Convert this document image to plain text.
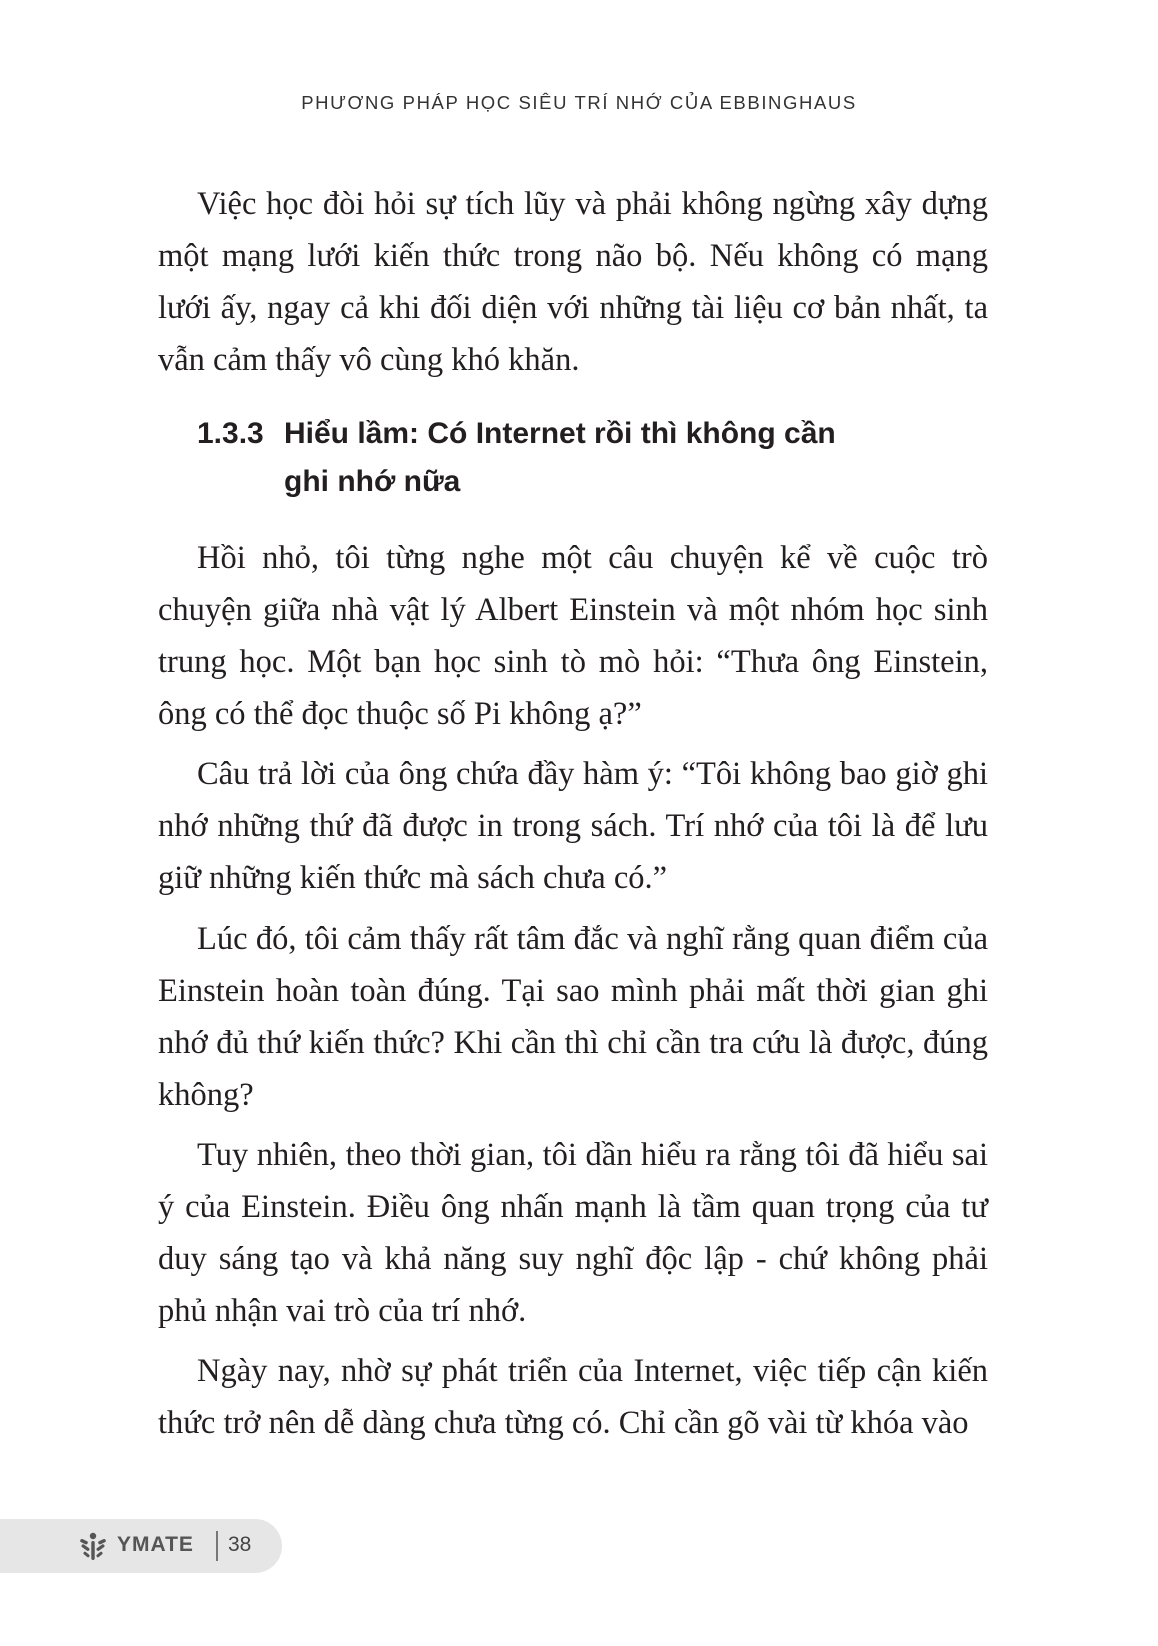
PHƯƠNG PHÁP HỌC SIÊU TRÍ NHỚ CỦA EBBINGHAUS

Việc học đòi hỏi sự tích lũy và phải không ngừng xây dựng một mạng lưới kiến thức trong não bộ. Nếu không có mạng lưới ấy, ngay cả khi đối diện với những tài liệu cơ bản nhất, ta vẫn cảm thấy vô cùng khó khăn.

1.3.3 Hiểu lầm: Có Internet rồi thì không cần
ghi nhớ nữa

Hồi nhỏ, tôi từng nghe một câu chuyện kể về cuộc trò chuyện giữa nhà vật lý Albert Einstein và một nhóm học sinh trung học. Một bạn học sinh tò mò hỏi: “Thưa ông Einstein, ông có thể đọc thuộc số Pi không ạ?”

Câu trả lời của ông chứa đầy hàm ý: “Tôi không bao giờ ghi nhớ những thứ đã được in trong sách. Trí nhớ của tôi là để lưu giữ những kiến thức mà sách chưa có.”

Lúc đó, tôi cảm thấy rất tâm đắc và nghĩ rằng quan điểm của Einstein hoàn toàn đúng. Tại sao mình phải mất thời gian ghi nhớ đủ thứ kiến thức? Khi cần thì chỉ cần tra cứu là được, đúng không?

Tuy nhiên, theo thời gian, tôi dần hiểu ra rằng tôi đã hiểu sai ý của Einstein. Điều ông nhấn mạnh là tầm quan trọng của tư duy sáng tạo và khả năng suy nghĩ độc lập - chứ không phải phủ nhận vai trò của trí nhớ.

Ngày nay, nhờ sự phát triển của Internet, việc tiếp cận kiến thức trở nên dễ dàng chưa từng có. Chỉ cần gõ vài từ khóa vào

YMATE 38
